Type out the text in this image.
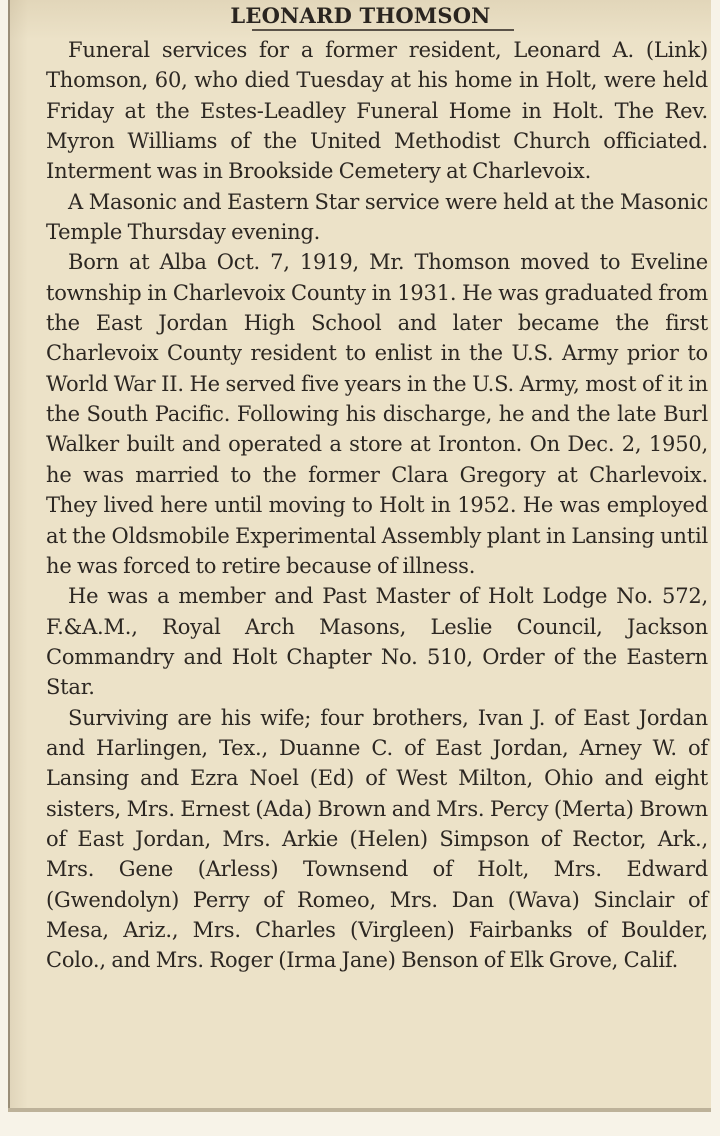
LEONARD THOMSON

Funeral services for a former resident, Leonard A. (Link) Thomson, 60, who died Tuesday at his home in Holt, were held Friday at the Estes-Leadley Funeral Home in Holt. The Rev. Myron Williams of the United Methodist Church officiated. Interment was in Brookside Cemetery at Charlevoix.

A Masonic and Eastern Star service were held at the Masonic Temple Thursday evening.

Born at Alba Oct. 7, 1919, Mr. Thomson moved to Eveline township in Charlevoix County in 1931. He was graduated from the East Jordan High School and later became the first Charlevoix County resident to enlist in the U.S. Army prior to World War II. He served five years in the U.S. Army, most of it in the South Pacific. Following his discharge, he and the late Burl Walker built and operated a store at Ironton. On Dec. 2, 1950, he was married to the former Clara Gregory at Charlevoix. They lived here until moving to Holt in 1952. He was employed at the Oldsmobile Experimental Assembly plant in Lansing until he was forced to retire because of illness.

He was a member and Past Master of Holt Lodge No. 572, F.&A.M., Royal Arch Masons, Leslie Council, Jackson Commandry and Holt Chapter No. 510, Order of the Eastern Star.

Surviving are his wife; four brothers, Ivan J. of East Jordan and Harlingen, Tex., Duanne C. of East Jordan, Arney W. of Lansing and Ezra Noel (Ed) of West Milton, Ohio and eight sisters, Mrs. Ernest (Ada) Brown and Mrs. Percy (Merta) Brown of East Jordan, Mrs. Arkie (Helen) Simpson of Rector, Ark., Mrs. Gene (Arless) Townsend of Holt, Mrs. Edward (Gwendolyn) Perry of Romeo, Mrs. Dan (Wava) Sinclair of Mesa, Ariz., Mrs. Charles (Virgleen) Fairbanks of Boulder, Colo., and Mrs. Roger (Irma Jane) Benson of Elk Grove, Calif.
